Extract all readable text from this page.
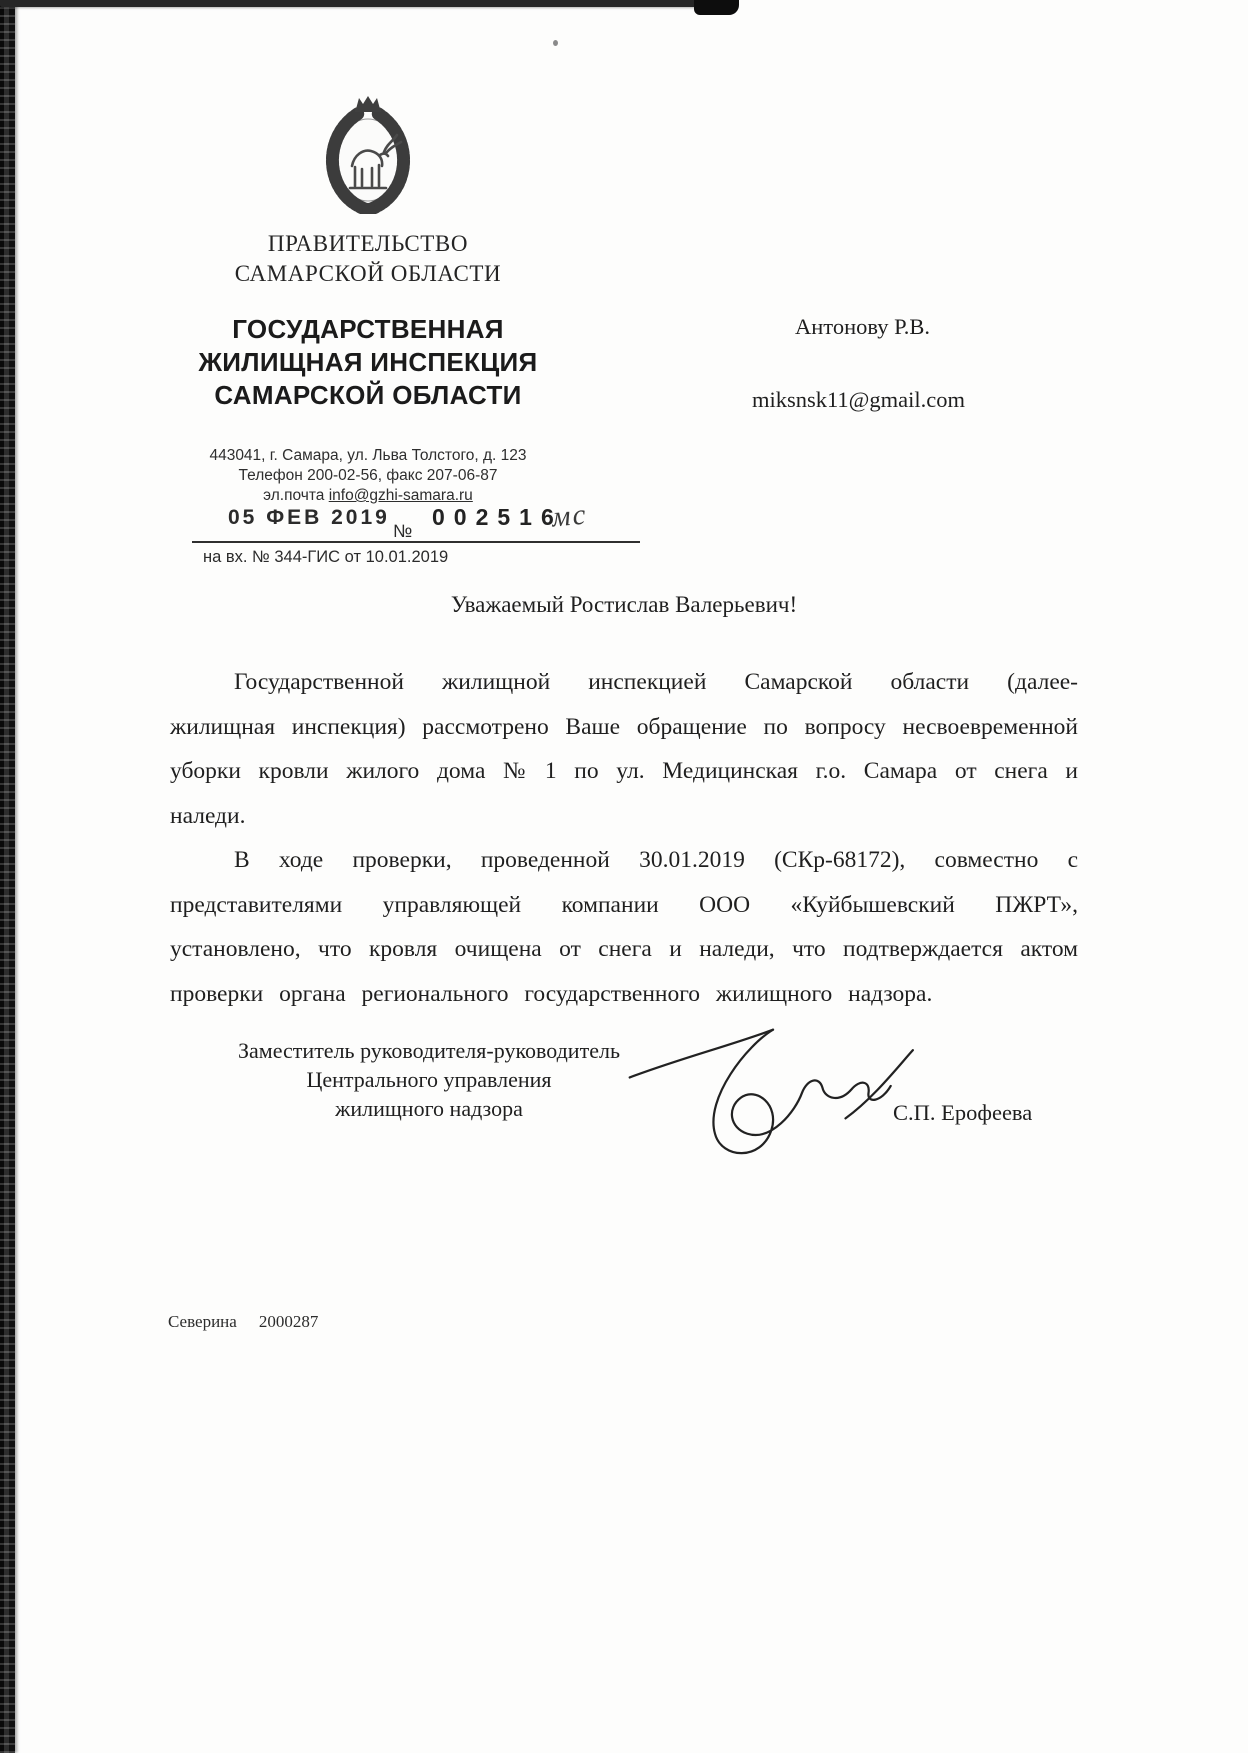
ПРАВИТЕЛЬСТВО
САМАРСКОЙ ОБЛАСТИ
ГОСУДАРСТВЕННАЯ
ЖИЛИЩНАЯ ИНСПЕКЦИЯ
САМАРСКОЙ ОБЛАСТИ
443041, г. Самара, ул. Льва Толстого, д. 123
Телефон 200-02-56, факс 207-06-87
эл.почта info@gzhi-samara.ru
05 ФЕВ 2019
№
002516
мс
на вх. № 344-ГИС от 10.01.2019
Антонову Р.В.
miksnsk11@gmail.com
Уважаемый Ростислав Валерьевич!

Государственной жилищной инспекцией Самарской области (далее- жилищная инспекция) рассмотрено Ваше обращение по вопросу несвоевременной уборки кровли жилого дома № 1 по ул. Медицинская г.о. Самара от снега и наледи.

В ходе проверки, проведенной 30.01.2019 (СКр-68172), совместно с представителями управляющей компании ООО «Куйбышевский ПЖРТ», установлено, что кровля очищена от снега и наледи, что подтверждается актом проверки органа регионального государственного жилищного надзора.

Заместитель руководителя-руководитель
Центрального управления
жилищного надзора	С.П. Ерофеева
Северина 2000287
